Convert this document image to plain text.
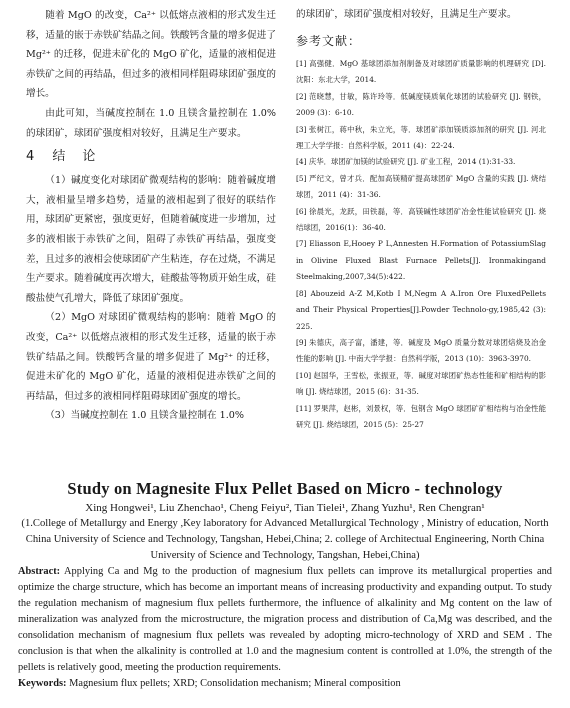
随着 MgO 的改变，Ca²⁺ 以低熔点液相的形式发生迁移，适量的嵌于赤铁矿结晶之间。铁酸钙含量的增多促进了 Mg²⁺ 的迁移，促进未矿化的 MgO 矿化，适量的液相促进赤铁矿之间的再结晶，但过多的液相同样阻碍球团矿强度的增长。

由此可知，当碱度控制在 1.0 且镁含量控制在 1.0% 的球团矿，球团矿强度相对较好，且满足生产要求。

4 结　论

（1）碱度变化对球团矿微观结构的影响：随着碱度增大，液相量呈增多趋势，适量的液相起到了很好的联结作用，球团矿更紧密，强度更好，但随着碱度进一步增加，过多的液相嵌于赤铁矿之间，阻碍了赤铁矿再结晶，强度变差，且过多的液相会使球团矿产生粘连，存在过烧，不满足生产要求。随着碱度再次增大，硅酸盐等物质开始生成，硅酸盐使气孔增大，降低了球团矿强度。

（2）MgO 对球团矿微观结构的影响：随着 MgO 的改变，Ca²⁺ 以低熔点液相的形式发生迁移，适量的嵌于赤铁矿结晶之间。铁酸钙含量的增多促进了 Mg²⁺ 的迁移，促进未矿化的 MgO 矿化，适量的液相促进赤铁矿之间的再结晶，但过多的液相同样阻碍球团矿强度的增长。

（3）当碱度控制在 1.0 且镁含量控制在 1.0%

的球团矿，球团矿强度相对较好，且满足生产要求。

参考文献：

[1] 高强健．MgO 基球团添加剂制备及对球团矿质量影响的机理研究 [D]. 沈阳：东北大学，2014.

[2] 范晓慧，甘敏，陈许玲等．低碱度镁质氧化球团的试验研究 [J]. 钢铁，2009 (3)：6-10.

[3] 张树江，蒋中秋，朱立光，等．球团矿添加镁质添加剂的研究 [J]. 河北理工大学学报：自然科学版，2011 (4)：22-24.

[4] 庆华．球团矿加镁的试验研究 [J]. 矿业工程，2014 (1):31-33.

[5] 严纪文，曾才兵．配加高镁精矿提高球团矿 MgO 含量的实践 [J]. 烧结球团，2011 (4)：31-36.

[6] 徐晨光，龙跃，田铁磊，等．高镁碱性球团矿冶金性能试验研究 [J]. 烧结球团，2016(1)：36-40.

[7] Eliasson E,Hooey P L,Annesten H.Formation of PotassiumSlag in Olivine Fluxed Blast Furnace Pellets[J]. Ironmakingand Steelmaking,2007,34(5):422.

[8] Abouzeid A-Z M,Kotb I M,Negm A A.Iron Ore FluxedPellets and Their Physical Properties[J].Powder Technolo-gy,1985,42 (3): 225.

[9] 朱德庆，高子富，潘建，等．碱度及 MgO 质量分数对球团焙烧及冶金性能的影响 [J]. 中南大学学报：自然科学版，2013 (10)：3963-3970.

[10] 赵国华，王雪松，张振亚，等．碱度对球团矿热态性能和矿相结构的影响 [J]. 烧结球团，2015 (6)：31-35.

[11] 罗果萍，赵彬，刘景权，等．包钢含 MgO 球团矿矿相结构与冶金性能研究 [J]. 烧结球团，2015 (5)：25-27

Study on Magnesite Flux Pellet Based on Micro - technology

Xing Hongwei¹, Liu Zhenchao¹, Cheng Feiyu², Tian Tielei¹, Zhang Yuzhu¹, Ren Chengran¹

(1.College of Metallurgy and Energy ,Key laboratory for Advanced Metallurgical Technology , Ministry of education, North China University of Science and Technology, Tangshan, Hebei,China; 2. college of Architectual Engineering, North China University of Science and Technology, Tangshan, Hebei,China)

Abstract: Applying Ca and Mg to the production of magnesium flux pellets can improve its metallurgical properties and optimize the charge structure, which has become an important means of increasing productivity and expanding output. To study the regulation mechanism of magnesium flux pellets furthermore, the influence of alkalinity and Mg content on the law of mineralization was analyzed from the microstructure, the migration process and distribution of Ca,Mg was described, and the consolidation mechanism of magnesium flux pellets was revealed by adopting micro-technology of XRD and SEM . The conclusion is that when the alkalinity is controlled at 1.0 and the magnesium content is controlled at 1.0%, the strength of the pellets is relatively good, meeting the production requirements.

Keywords: Magnesium flux pellets; XRD; Consolidation mechanism; Mineral composition
